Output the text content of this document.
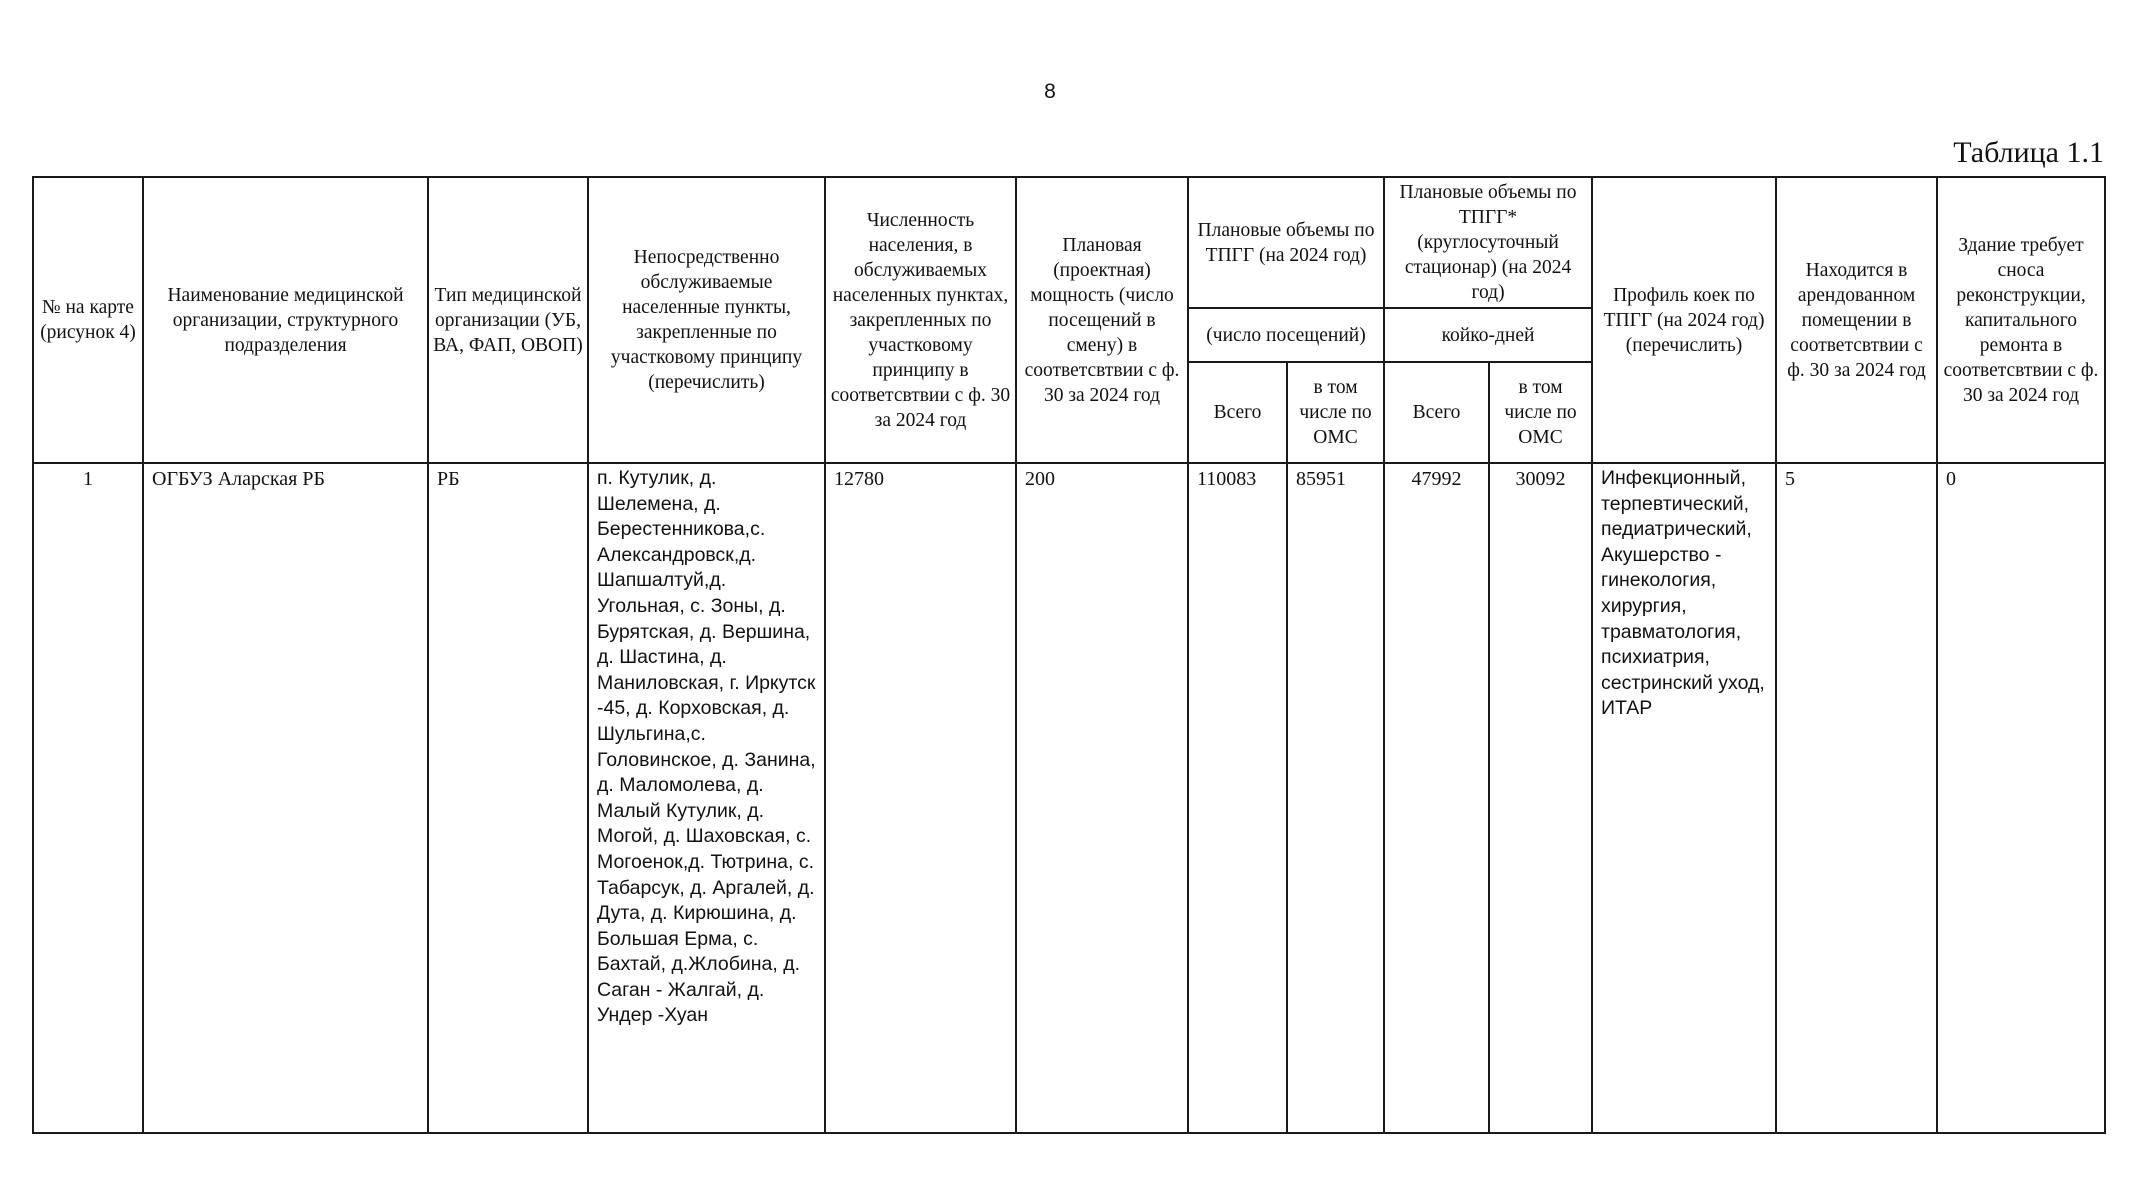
8
Таблица 1.1
№ на карте (рисунок 4)	Наименование медицинской организации, структурного подразделения	Тип медицинской организации (УБ, ВА, ФАП, ОВОП)	Непосредственно обслуживаемые населенные пункты, закрепленные по участковому принципу (перечислить)	Численность населения, в обслуживаемых населенных пунктах, закрепленных по участковому принципу в соответсвтвии с ф. 30 за 2024 год	Плановая (проектная) мощность (число посещений в смену) в соответсвтвии с ф. 30 за 2024 год	Плановые объемы по ТПГГ (на 2024 год)		Плановые объемы по ТПГГ* (круглосуточный стационар) (на 2024 год)		Профиль коек по ТПГГ (на 2024 год) (перечислить)	Находится в арендованном помещении в соответсвтвии с ф. 30 за 2024 год	Здание требует сноса реконструкции, капитального ремонта в соответсвтвии с ф. 30 за 2024 год
						(число посещений)		койко-дней				
						Всего	в том числе по ОМС	Всего	в том числе по ОМС			
1	ОГБУЗ Аларская РБ	РБ	п. Кутулик, д. Шелемена, д. Берестенникова,с. Александровск,д. Шапшалтуй,д. Угольная, с. Зоны, д. Бурятская, д. Вершина, д. Шастина, д. Маниловская, г. Иркутск -45, д. Корховская, д. Шульгина,с. Головинское, д. Занина, д. Маломолева, д. Малый Кутулик, д. Могой, д. Шаховская, с. Могоенок,д. Тютрина, с. Табарсук, д. Аргалей, д. Дута, д. Кирюшина, д. Большая Ерма, с. Бахтай, д.Жлобина, д. Саган - Жалгай, д. Ундер -Хуан	12780	200	110083	85951	47992	30092	Инфекционный, терпевтический, педиатрический, Акушерство - гинекология, хирургия, травматология, психиатрия, сестринский уход, ИТАР	5	0
